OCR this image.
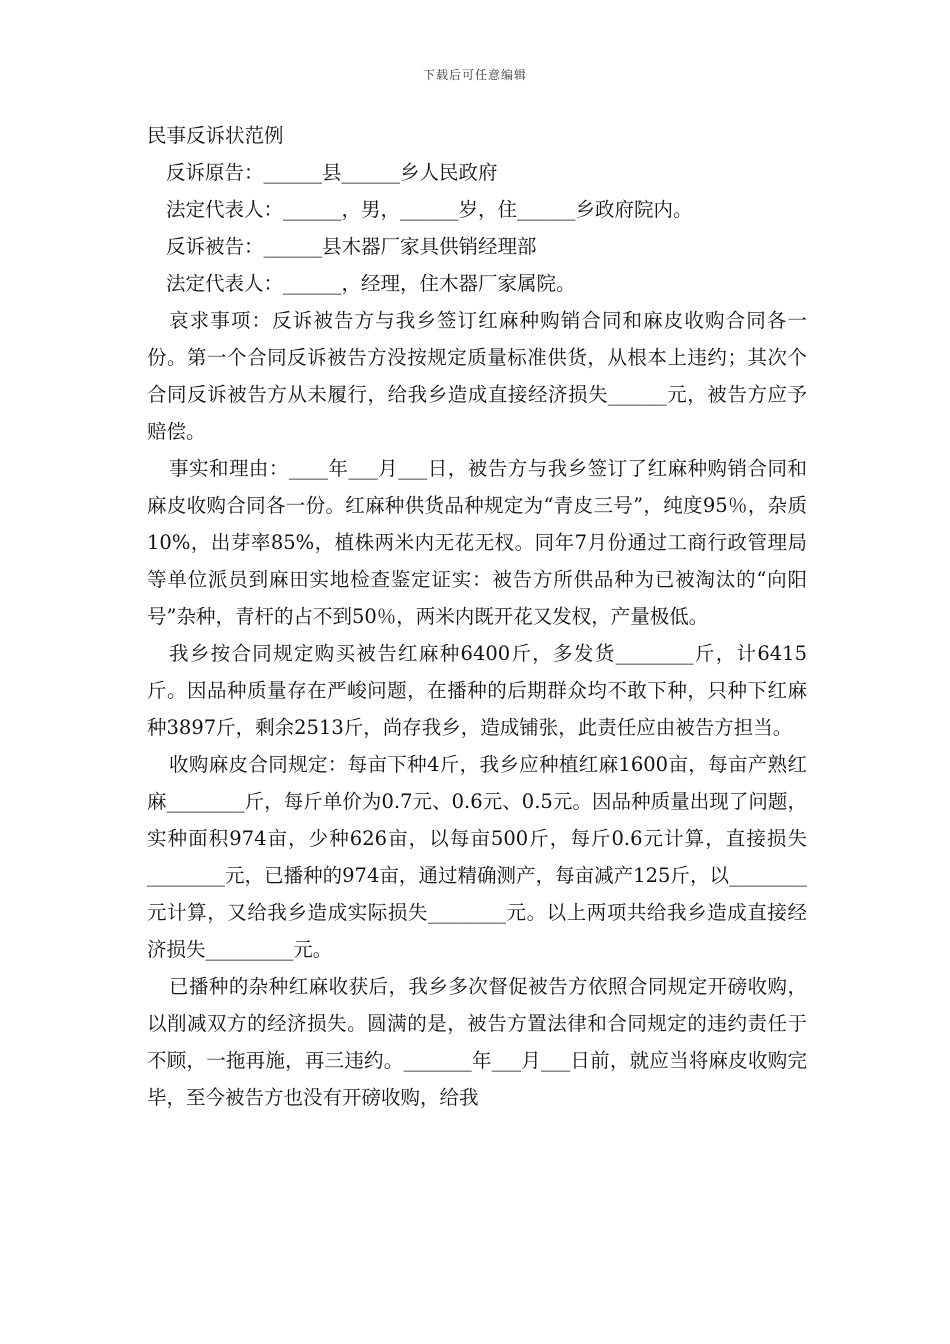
下载后可任意编辑
民事反诉状范例

反诉原告：______县______乡人民政府

法定代表人：______，男，______岁，住______乡政府院内。

反诉被告：______县木器厂家具供销经理部

法定代表人：______，经理，住木器厂家属院。

哀求事项：反诉被告方与我乡签订红麻种购销合同和麻皮收购合同各一份。第一个合同反诉被告方没按规定质量标准供货，从根本上违约；其次个合同反诉被告方从未履行，给我乡造成直接经济损失______元，被告方应予赔偿。

事实和理由：____年___月___日，被告方与我乡签订了红麻种购销合同和麻皮收购合同各一份。红麻种供货品种规定为“青皮三号”，纯度95％，杂质10%，出芽率85%，植株两米内无花无杈。同年7月份通过工商行政管理局等单位派员到麻田实地检查鉴定证实：被告方所供品种为已被淘汰的“向阳号”杂种，青杆的占不到50％，两米内既开花又发杈，产量极低。

我乡按合同规定购买被告红麻种6400斤，多发货________斤，计6415斤。因品种质量存在严峻问题，在播种的后期群众均不敢下种，只种下红麻种3897斤，剩余2513斤，尚存我乡，造成铺张，此责任应由被告方担当。

收购麻皮合同规定：每亩下种4斤，我乡应种植红麻1600亩，每亩产熟红麻________斤，每斤单价为0.7元、0.6元、0.5元。因品种质量出现了问题，实种面积974亩，少种626亩，以每亩500斤，每斤0.6元计算，直接损失________元，已播种的974亩，通过精确测产，每亩减产125斤，以________元计算，又给我乡造成实际损失________元。以上两项共给我乡造成直接经济损失_________元。

已播种的杂种红麻收获后，我乡多次督促被告方依照合同规定开磅收购，以削减双方的经济损失。圆满的是，被告方置法律和合同规定的违约责任于不顾，一拖再施，再三违约。_______年___月___日前，就应当将麻皮收购完毕，至今被告方也没有开磅收购，给我
